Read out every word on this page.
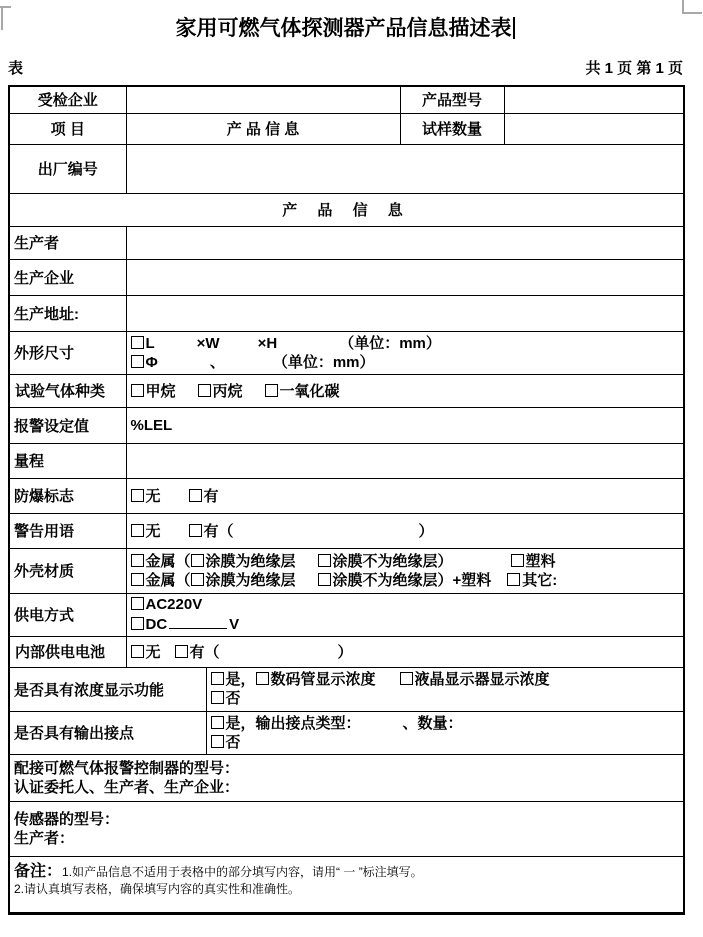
家用可燃气体探测器产品信息描述表
表	共 1 页 第 1 页
受检企业			产品型号	
项 目	产 品 信 息		试样数量	
出厂编号				
产 品 信 息				
生产者				
生产企业				
生产地址:				
外形尺寸	L ×W ×H （单位：mm）
Φ 、 （单位：mm）			

试验气体种类	甲烷 丙烷 一氧化碳			
报警设定值	%LEL			
量程				
防爆标志	无 有			
警告用语	无 有（ ）			
外壳材质	金属（ 涂膜为绝缘层 涂膜不为绝缘层） 塑料
金属（ 涂膜为绝缘层 涂膜不为绝缘层）+塑料 其它:			

供电方式	AC220V
DC V			

内部供电电池	无 有（ ）			
是否具有浓度显示功能		是， 数码管显示浓度 液晶显示器显示浓度
否		

是否具有输出接点		是，输出接点类型： 、数量：
否		

配接可燃气体报警控制器的型号：
认证委托人、生产者、生产企业：				

传感器的型号：
生产者：				

备注：1.如产品信息不适用于表格中的部分填写内容，请用“ 一 ”标注填写。
2.请认真填写表格，确保填写内容的真实性和准确性。				
